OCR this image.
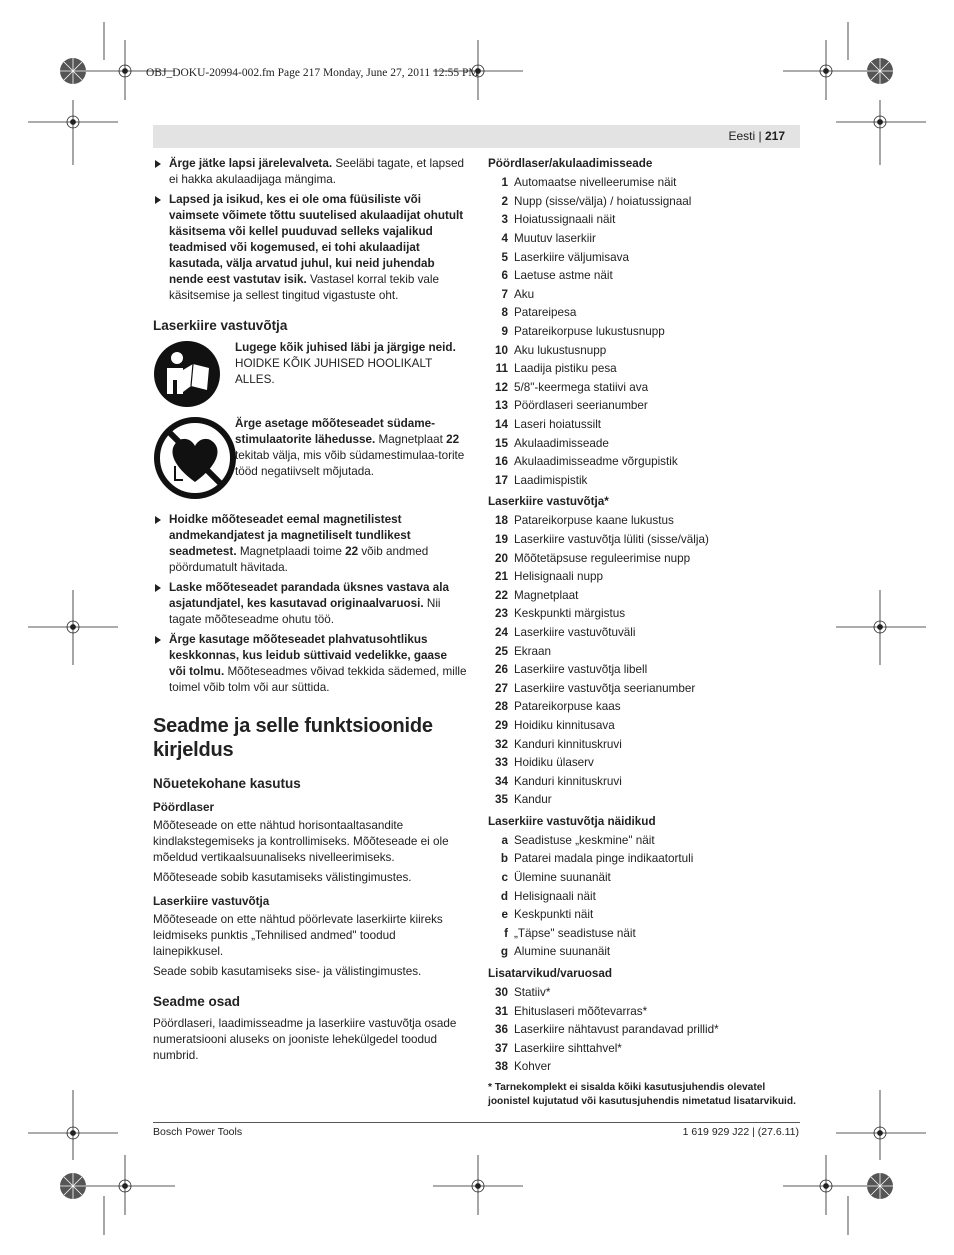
OBJ_DOKU-20994-002.fm Page 217 Monday, June 27, 2011 12:55 PM
Eesti | 217
Ärge jätke lapsi järelevalveta. Seeläbi tagate, et lapsed ei hakka akulaadijaga mängima.
Lapsed ja isikud, kes ei ole oma füüsiliste või vaimsete võimete tõttu suutelised akulaadijat ohutult käsitsema või kellel puuduvad selleks vajalikud teadmised või kogemused, ei tohi akulaadijat kasutada, välja arvatud juhul, kui neid juhendab nende eest vastutav isik. Vastasel korral tekib vale käsitsemise ja sellest tingitud vigastuste oht.
Laserkiire vastuvõtja
Lugege kõik juhised läbi ja järgige neid.
HOIDKE KÕIK JUHISED HOOLIKALT ALLES.
Ärge asetage mõõteseadet südame-stimulaatorite lähedusse. Magnetplaat 22 tekitab välja, mis võib südamestimulaa-torite tööd negatiivselt mõjutada.
Hoidke mõõteseadet eemal magnetilistest andmekandjatest ja magnetiliselt tundlikest seadmetest. Magnetplaadi toime 22 võib andmed pöördumatult hävitada.
Laske mõõteseadet parandada üksnes vastava ala asjatundjatel, kes kasutavad originaalvaruosi. Nii tagate mõõteseadme ohutu töö.
Ärge kasutage mõõteseadet plahvatusohtlikus keskkonnas, kus leidub süttivaid vedelikke, gaase või tolmu. Mõõteseadmes võivad tekkida sädemed, mille toimel võib tolm või aur süttida.
Seadme ja selle funktsioonide kirjeldus
Nõuetekohane kasutus
Pöördlaser

Mõõteseade on ette nähtud horisontaaltasandite kindlakstegemiseks ja kontrollimiseks. Mõõteseade ei ole mõeldud vertikaalsuunaliseks nivelleerimiseks.

Mõõteseade sobib kasutamiseks välistingimustes.

Laserkiire vastuvõtja

Mõõteseade on ette nähtud pöörlevate laserkiirte kiireks leidmiseks punktis „Tehnilised andmed" toodud lainepikkusel.

Seade sobib kasutamiseks sise- ja välistingimustes.

Seadme osad

Pöördlaseri, laadimisseadme ja laserkiire vastuvõtja osade numeratsiooni aluseks on jooniste lehekülgedel toodud numbrid.

Pöördlaser/akulaadimisseade
1 Automaatse nivelleerumise näit
2 Nupp (sisse/välja) / hoiatussignaal
3 Hoiatussignaali näit
4 Muutuv laserkiir
5 Laserkiire väljumisava
6 Laetuse astme näit
7 Aku
8 Patareipesa
9 Patareikorpuse lukustusnupp
10 Aku lukustusnupp
11 Laadija pistiku pesa
12 5/8"-keermega statiivi ava
13 Pöördlaseri seerianumber
14 Laseri hoiatussilt
15 Akulaadimisseade
16 Akulaadimisseadme võrgupistik
17 Laadimispistik
Laserkiire vastuvõtja*
18 Patareikorpuse kaane lukustus
19 Laserkiire vastuvõtja lüliti (sisse/välja)
20 Mõõtetäpsuse reguleerimise nupp
21 Helisignaali nupp
22 Magnetplaat
23 Keskpunkti märgistus
24 Laserkiire vastuvõtuväli
25 Ekraan
26 Laserkiire vastuvõtja libell
27 Laserkiire vastuvõtja seerianumber
28 Patareikorpuse kaas
29 Hoidiku kinnitusava
32 Kanduri kinnituskruvi
33 Hoidiku ülaserv
34 Kanduri kinnituskruvi
35 Kandur
Laserkiire vastuvõtja näidikud
a Seadistuse „keskmine" näit
b Patarei madala pinge indikaatortuli
c Ülemine suunanäit
d Helisignaali näit
e Keskpunkti näit
f „Täpse" seadistuse näit
g Alumine suunanäit
Lisatarvikud/varuosad
30 Statiiv*
31 Ehituslaseri mõõtevarras*
36 Laserkiire nähtavust parandavad prillid*
37 Laserkiire sihttahvel*
38 Kohver
* Tarnekomplekt ei sisalda kõiki kasutusjuhendis olevatel joonistel kujutatud või kasutusjuhendis nimetatud lisatarvikuid.
Bosch Power Tools	1 619 929 J22 | (27.6.11)
